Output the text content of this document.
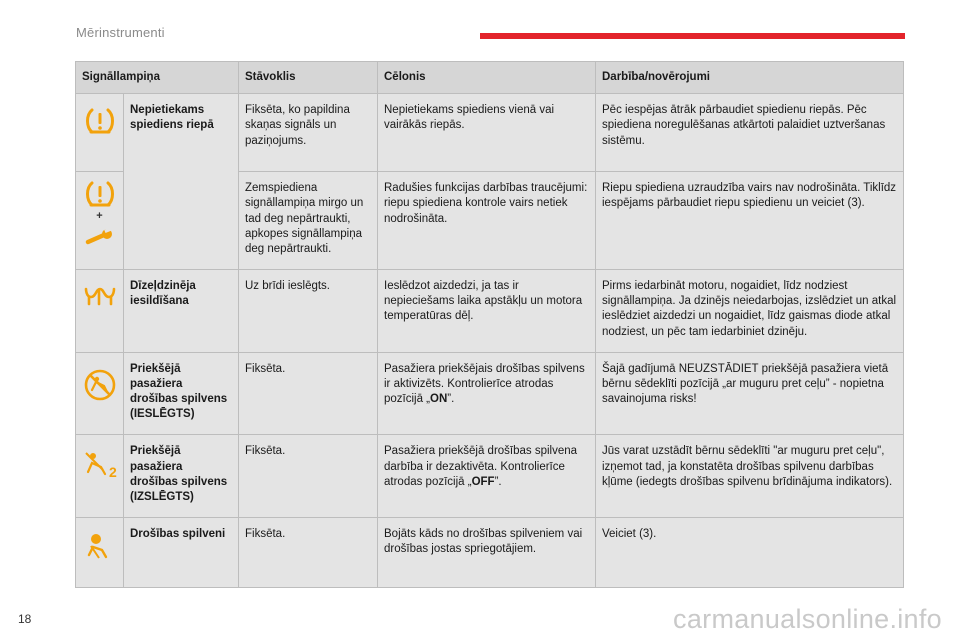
Mērinstrumenti
Signāllampiņa		Stāvoklis	Cēlonis	Darbība/novērojumi

	Nepietiekams spiediens riepā	Fiksēta, ko papildina skaņas signāls un paziņojums.	Nepietiekams spiediens vienā vai vairākās riepās.	Pēc iespējas ātrāk pārbaudiet spiedienu riepās. Pēc spiediena noregulēšanas atkārtoti palaidiet uztveršanas sistēmu.

+		Zemspiediena signāllampiņa mirgo un tad deg nepārtraukti, apkopes signāllampiņa deg nepārtraukti.	Radušies funkcijas darbības traucējumi: riepu spiediena kontrole vairs netiek nodrošināta.	Riepu spiediena uzraudzība vairs nav nodrošināta. Tiklīdz iespējams pārbaudiet riepu spiedienu un veiciet (3).

	Dīzeļdzinēja iesildīšana	Uz brīdi ieslēgts.	Ieslēdzot aizdedzi, ja tas ir nepieciešams laika apstākļu un motora temperatūras dēļ.	Pirms iedarbināt motoru, nogaidiet, līdz nodziest signāllampiņa. Ja dzinējs neiedarbojas, izslēdziet un atkal ieslēdziet aizdedzi un nogaidiet, līdz gaismas diode atkal nodziest, un pēc tam iedarbiniet dzinēju.

	Priekšējā pasažiera drošības spilvens (IESLĒGTS)	Fiksēta.	Pasažiera priekšējais drošības spilvens ir aktivizēts. Kontrolierīce atrodas pozīcijā „ON”.	Šajā gadījumā NEUZSTĀDIET priekšējā pasažiera vietā bērnu sēdeklīti pozīcijā „ar muguru pret ceļu” - nopietna savainojuma risks!

2	Priekšējā pasažiera drošības spilvens (IZSLĒGTS)	Fiksēta.	Pasažiera priekšējā drošības spilvena darbība ir dezaktivēta. Kontrolierīce atrodas pozīcijā „OFF”.	Jūs varat uzstādīt bērnu sēdeklīti "ar muguru pret ceļu", izņemot tad, ja konstatēta drošības spilvenu darbības kļūme (iedegts drošības spilvenu brīdinājuma indikators).

	Drošības spilveni	Fiksēta.	Bojāts kāds no drošības spilveniem vai drošības jostas spriegotājiem.	Veiciet (3).
18	carmanualsonline.info
